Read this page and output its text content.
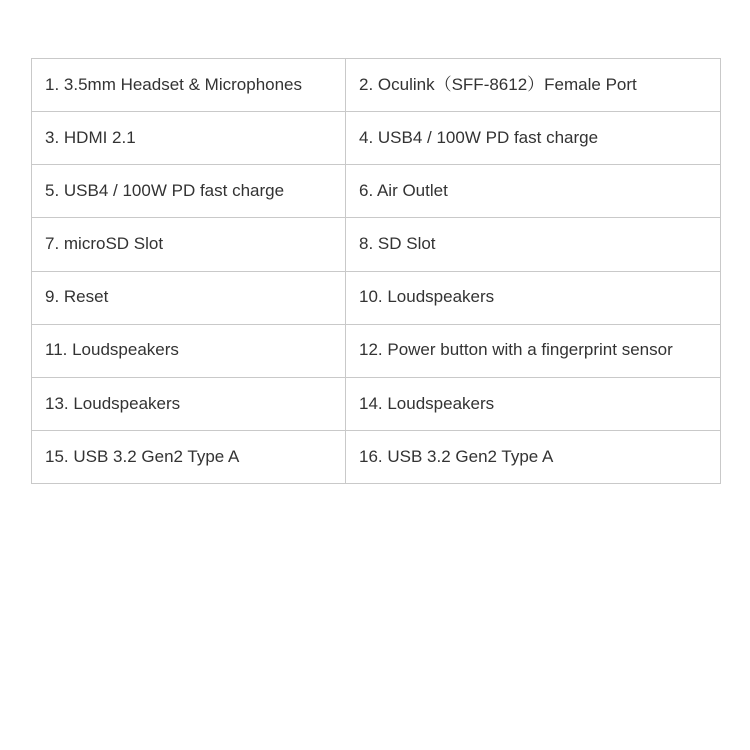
1. 3.5mm Headset & Microphones	2. Oculink（SFF-8612）Female Port
3. HDMI 2.1	4. USB4 / 100W PD fast charge
5. USB4 / 100W PD fast charge	6. Air Outlet
7. microSD Slot	8. SD Slot
9. Reset	10. Loudspeakers
11. Loudspeakers	12. Power button with a fingerprint sensor
13. Loudspeakers	14. Loudspeakers
15. USB 3.2 Gen2 Type A	16. USB 3.2 Gen2 Type A
